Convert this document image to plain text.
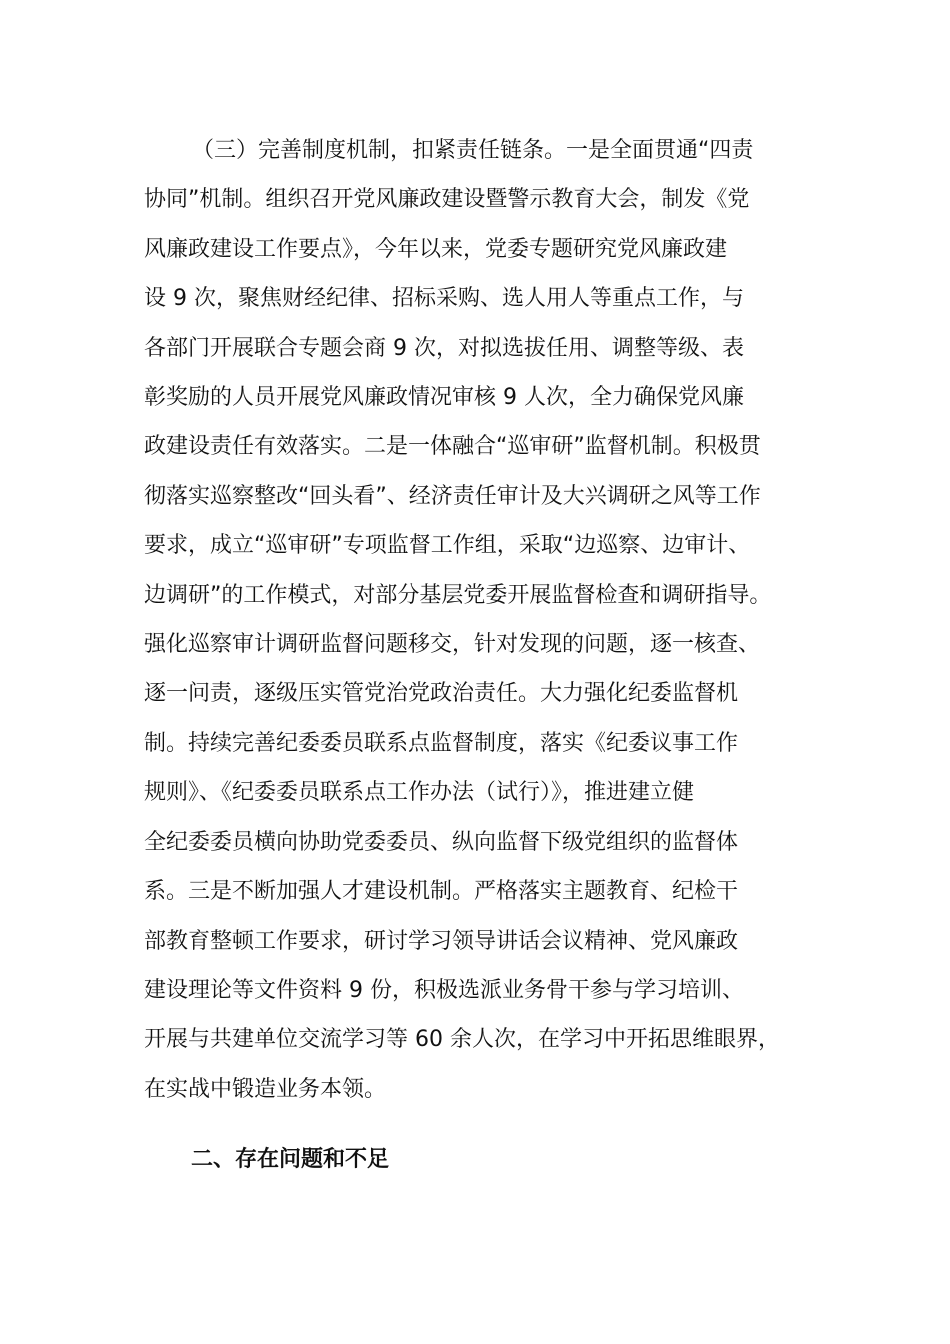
（三）完善制度机制，扣紧责任链条。一是全面贯通“四责
协同”机制。组织召开党风廉政建设暨警示教育大会，制发《党
风廉政建设工作要点》，今年以来，党委专题研究党风廉政建
设 9 次，聚焦财经纪律、招标采购、选人用人等重点工作，与
各部门开展联合专题会商 9 次，对拟选拔任用、调整等级、表
彰奖励的人员开展党风廉政情况审核 9 人次，全力确保党风廉
政建设责任有效落实。二是一体融合“巡审研”监督机制。积极贯
彻落实巡察整改“回头看”、经济责任审计及大兴调研之风等工作
要求，成立“巡审研”专项监督工作组，采取“边巡察、边审计、
边调研”的工作模式，对部分基层党委开展监督检查和调研指导。
强化巡察审计调研监督问题移交，针对发现的问题，逐一核查、
逐一问责，逐级压实管党治党政治责任。大力强化纪委监督机
制。持续完善纪委委员联系点监督制度，落实《纪委议事工作
规则》、《纪委委员联系点工作办法（试行）》，推进建立健
全纪委委员横向协助党委委员、纵向监督下级党组织的监督体
系。三是不断加强人才建设机制。严格落实主题教育、纪检干
部教育整顿工作要求，研讨学习领导讲话会议精神、党风廉政
建设理论等文件资料 9 份，积极选派业务骨干参与学习培训、
开展与共建单位交流学习等 60 余人次，在学习中开拓思维眼界，
在实战中锻造业务本领。

二、存在问题和不足
